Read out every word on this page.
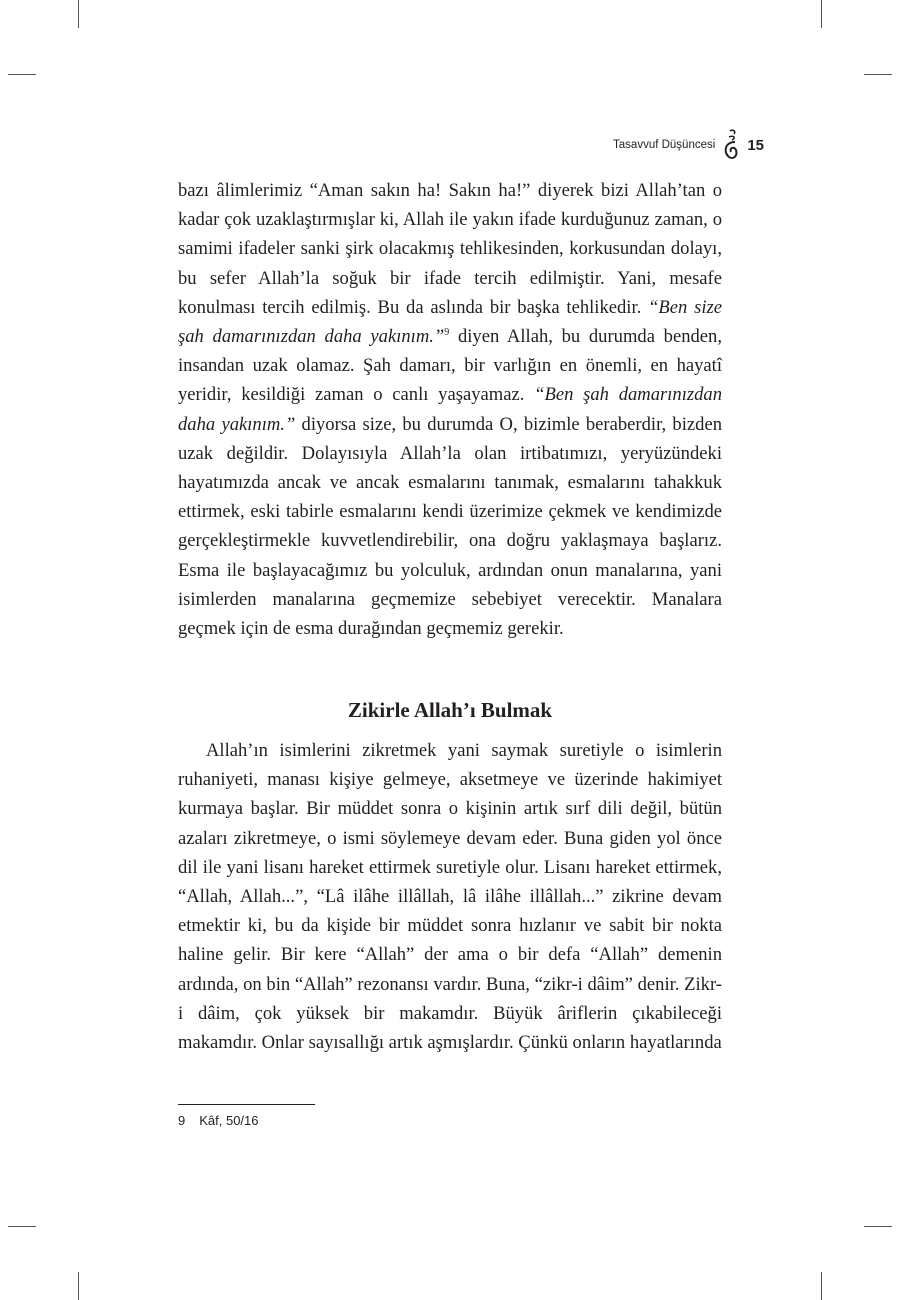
Tasavvuf Düşüncesi 15

bazı âlimlerimiz “Aman sakın ha! Sakın ha!” diyerek bizi Allah’tan o kadar çok uzaklaştırmışlar ki, Allah ile yakın ifade kurduğunuz zaman, o samimi ifadeler sanki şirk olacakmış tehlikesinden, korkusundan dolayı, bu sefer Allah’la soğuk bir ifade tercih edilmiştir. Yani, mesafe konulması tercih edilmiş. Bu da aslında bir başka tehlikedir. “Ben size şah damarınızdan daha yakınım.”$^9$ diyen Allah, bu durumda benden, insandan uzak olamaz. Şah damarı, bir varlığın en önemli, en hayatî yeridir, kesildiği zaman o canlı yaşayamaz. “Ben şah damarınızdan daha yakınım.” diyorsa size, bu durumda O, bizimle beraberdir, bizden uzak değildir. Dolayısıyla Allah’la olan irtibatımızı, yeryüzündeki hayatımızda ancak ve ancak esmalarını tanımak, esmalarını tahakkuk ettirmek, eski tabirle esmalarını kendi üzerimize çekmek ve kendimizde gerçekleştirmekle kuvvetlendirebilir, ona doğru yaklaşmaya başlarız. Esma ile başlayacağımız bu yolculuk, ardından onun manalarına, yani isimlerden manalarına geçmemize sebebiyet verecektir. Manalara geçmek için de esma durağından geçmemiz gerekir.

Zikirle Allah’ı Bulmak

Allah’ın isimlerini zikretmek yani saymak suretiyle o isimlerin ruhaniyeti, manası kişiye gelmeye, aksetmeye ve üzerinde hakimiyet kurmaya başlar. Bir müddet sonra o kişinin artık sırf dili değil, bütün azaları zikretmeye, o ismi söylemeye devam eder. Buna giden yol önce dil ile yani lisanı hareket ettirmek suretiyle olur. Lisanı hareket ettirmek, “Allah, Allah...”, “Lâ ilâhe illâllah, lâ ilâhe illâllah...” zikrine devam etmektir ki, bu da kişide bir müddet sonra hızlanır ve sabit bir nokta haline gelir. Bir kere “Allah” der ama o bir defa “Allah” demenin ardında, on bin “Allah” rezonansı vardır. Buna, “zikr-i dâim” denir. Zikr-i dâim, çok yüksek bir makamdır. Büyük âriflerin çıkabileceği makamdır. Onlar sayısallığı artık aşmışlardır. Çünkü onların hayatlarında

9 Kâf, 50/16
